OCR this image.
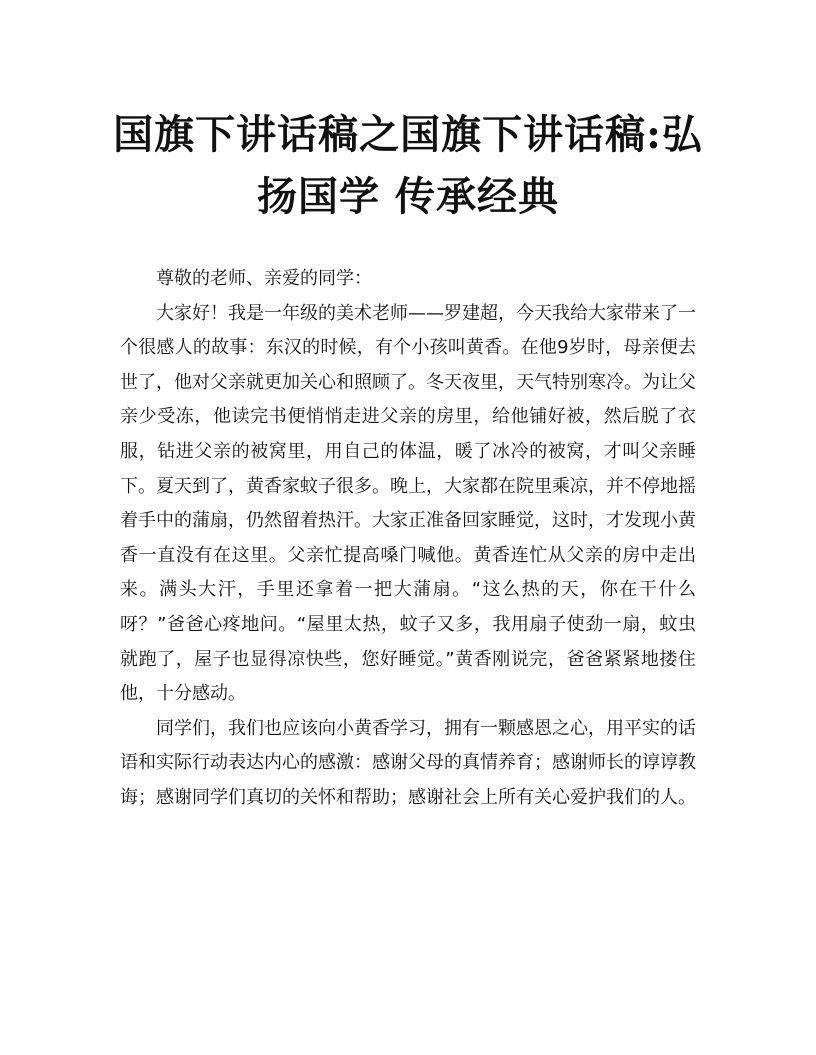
国旗下讲话稿之国旗下讲话稿:弘扬国学 传承经典

尊敬的老师、亲爱的同学：

大家好！我是一年级的美术老师——罗建超，今天我给大家带来了一个很感人的故事：东汉的时候，有个小孩叫黄香。在他9岁时，母亲便去世了，他对父亲就更加关心和照顾了。冬天夜里，天气特别寒冷。为让父亲少受冻，他读完书便悄悄走进父亲的房里，给他铺好被，然后脱了衣服，钻进父亲的被窝里，用自己的体温，暖了冰冷的被窝，才叫父亲睡下。夏天到了，黄香家蚊子很多。晚上，大家都在院里乘凉，并不停地摇着手中的蒲扇，仍然留着热汗。大家正准备回家睡觉，这时，才发现小黄香一直没有在这里。父亲忙提高嗓门喊他。黄香连忙从父亲的房中走出来。满头大汗，手里还拿着一把大蒲扇。“这么热的天，你在干什么呀？”爸爸心疼地问。“屋里太热，蚊子又多，我用扇子使劲一扇，蚊虫就跑了，屋子也显得凉快些，您好睡觉。”黄香刚说完，爸爸紧紧地搂住他，十分感动。

同学们，我们也应该向小黄香学习，拥有一颗感恩之心，用平实的话语和实际行动表达内心的感激：感谢父母的真情养育；感谢师长的谆谆教诲；感谢同学们真切的关怀和帮助；感谢社会上所有关心爱护我们的人。
